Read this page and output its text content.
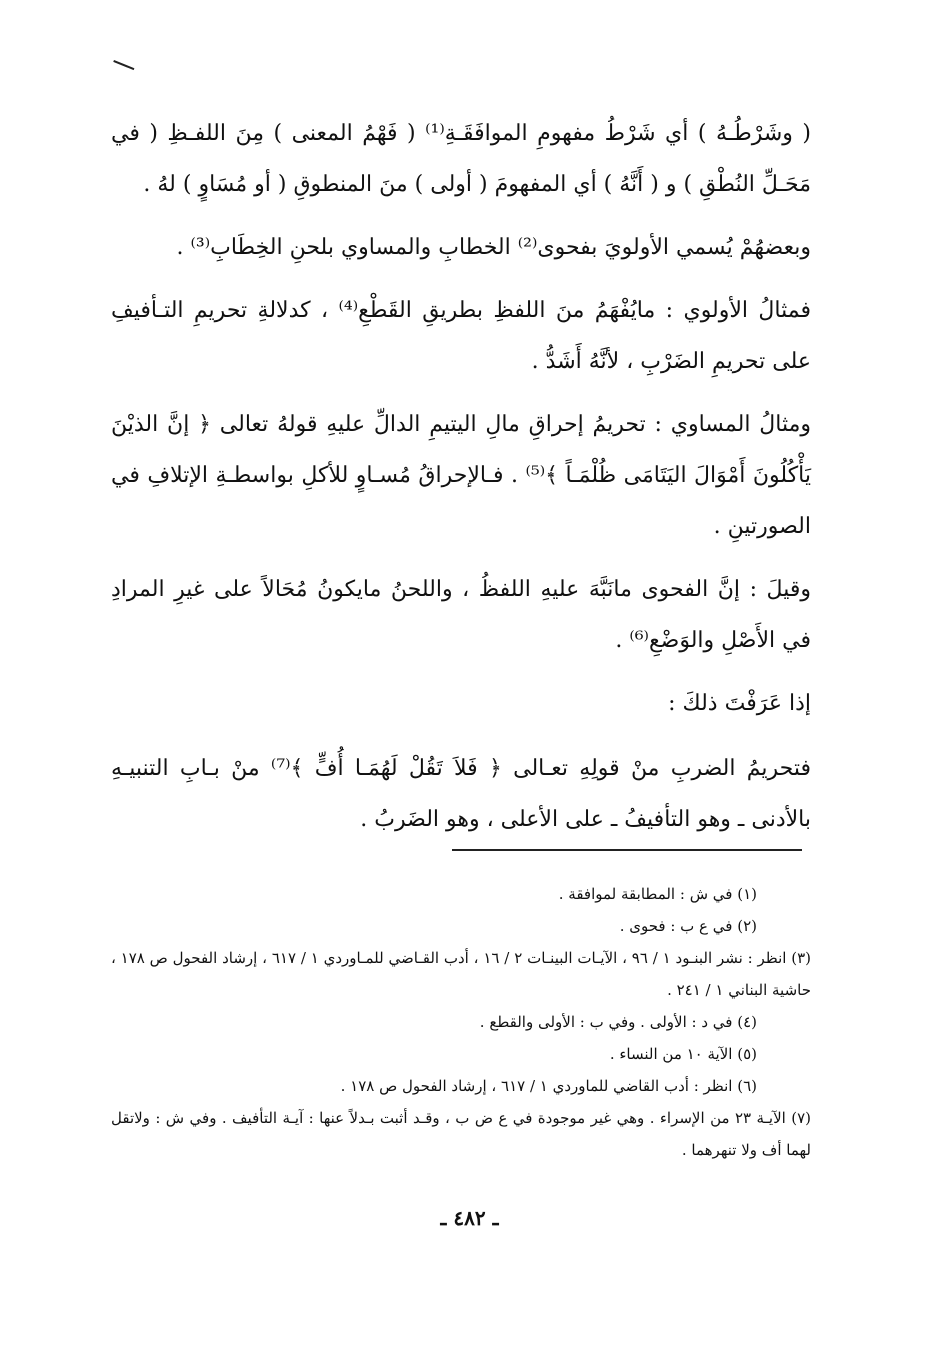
( وشَرْطُـهُ ) أي شَرْطُ مفهومِ الموافَقَـةِ⁽¹⁾ ( فَهْمُ المعنى ) مِنَ اللفـظِ ( في مَحَـلِّ النُطْقِ ) و ( أَنَّهُ ) أي المفهومَ ( أولى ) منَ المنطوقِ ( أو مُسَاوٍ ) لهُ .

وبعضهُمْ يُسمي الأولويَ بفحوى⁽²⁾ الخطابِ والمساوي بلحنِ الخِطَابِ⁽³⁾ .

فمثالُ الأولوي : مايُفْهَمُ منَ اللفظِ بطريقِ القَطْعِ⁽⁴⁾ ، كدلالةِ تحريمِ التـأفيفِ على تحريمِ الضَرْبِ ، لأنَّهُ أَشَدُّ .

ومثالُ المساوي : تحريمُ إحراقِ مالِ اليتيمِ الدالِّ عليهِ قولهُ تعالى ﴿ إنَّ الذيْنَ يَأْكُلُونَ أَمْوَالَ اليَتَامَى ظُلْمَـاً ﴾⁽⁵⁾ . فـالإحراقُ مُسـاوٍ للأكلِ بواسطـةِ الإتلافِ في الصورتينِ .

وقيلَ : إنَّ الفحوى مانَبَّهَ عليهِ اللفظُ ، واللحنُ مايكونُ مُحَالاً على غيرِ المرادِ في الأَصْلِ والوَضْعِ⁽⁶⁾ .

إذا عَرَفْتَ ذلكَ :

فتحريمُ الضربِ منْ قولِهِ تعـالى ﴿ فَلاَ تَقُلْ لَهُمَـا أُفٍّ ﴾⁽⁷⁾ منْ بـابِ التنبيـهِ بالأدنى ـ وهو التأفيفُ ـ على الأعلى ، وهو الضَربُ .

(١) في ش : المطابقة لموافقة .

(٢) في ع ب : فحوى .

(٣) انظر : نشر البنـود ١ / ٩٦ ، الآيـات البينـات ٢ / ١٦ ، أدب القـاضي للمـاوردي ١ / ٦١٧ ، إرشاد الفحول ص ١٧٨ ، حاشية البناني ١ / ٢٤١ .

(٤) في د : الأولى . وفي ب : الأولى والقطع .

(٥) الآية ١٠ من النساء .

(٦) انظر : أدب القاضي للماوردي ١ / ٦١٧ ، إرشاد الفحول ص ١٧٨ .

(٧) الآيـة ٢٣ من الإسراء . وهي غير موجودة في ع ض ب ، وقـد أثبت بـدلاً عنها : آيـة التأفيف . وفي ش : ولاتقل لهما أف ولا تنهرهما .

ـ ٤٨٢ ـ
